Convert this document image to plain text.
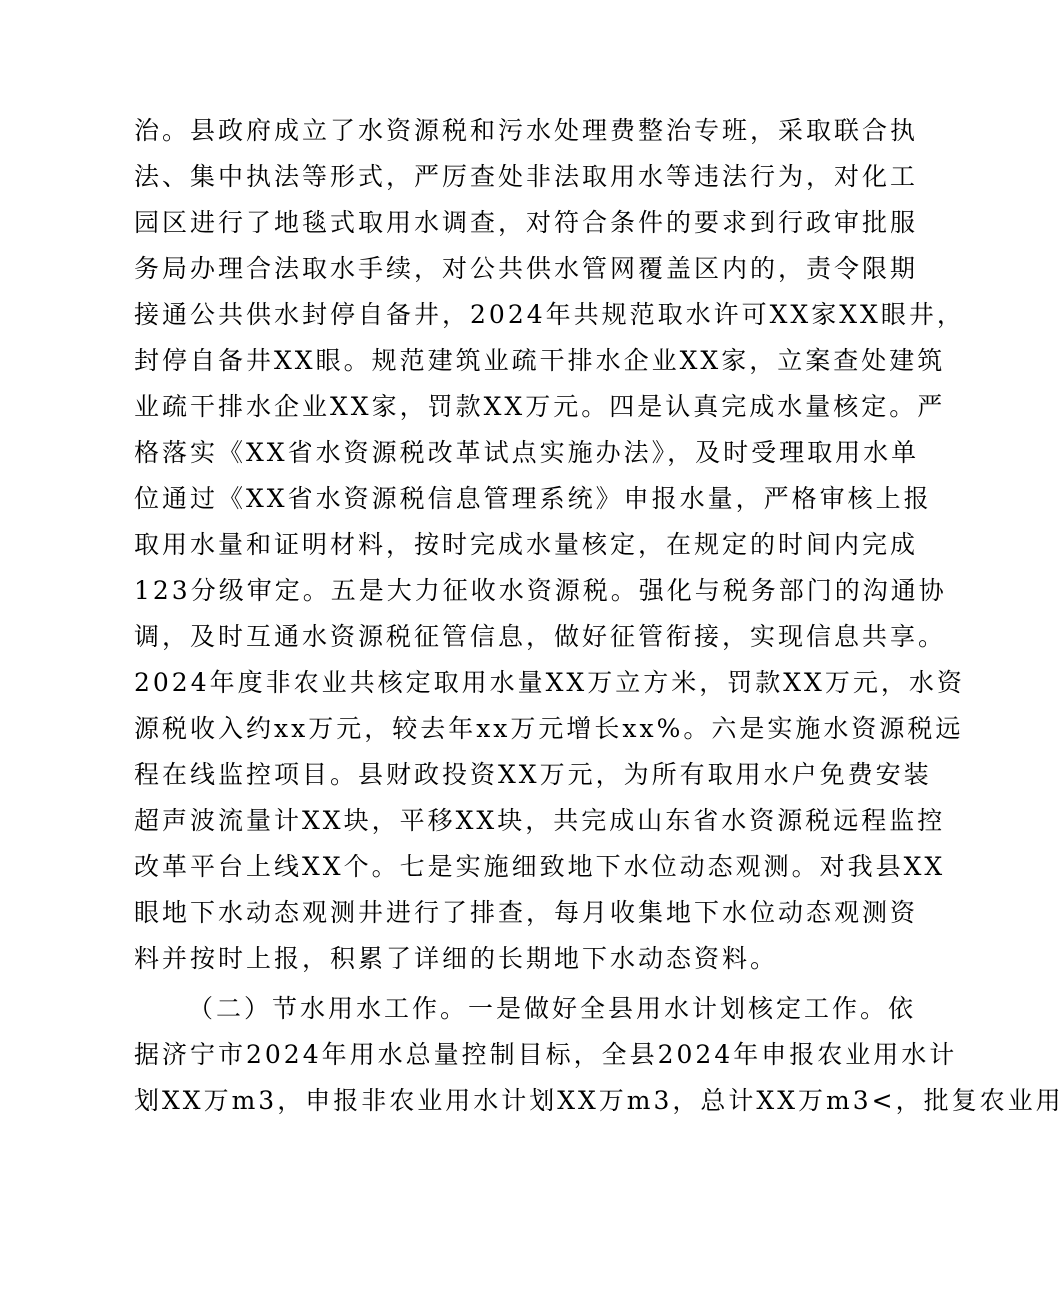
治。县政府成立了水资源税和污水处理费整治专班，采取联合执
法、集中执法等形式，严厉查处非法取用水等违法行为，对化工
园区进行了地毯式取用水调查，对符合条件的要求到行政审批服
务局办理合法取水手续，对公共供水管网覆盖区内的，责令限期
接通公共供水封停自备井，2024年共规范取水许可XX家XX眼井，
封停自备井XX眼。规范建筑业疏干排水企业XX家，立案查处建筑
业疏干排水企业XX家，罚款XX万元。四是认真完成水量核定。严
格落实《XX省水资源税改革试点实施办法》，及时受理取用水单
位通过《XX省水资源税信息管理系统》申报水量，严格审核上报
取用水量和证明材料，按时完成水量核定，在规定的时间内完成
123分级审定。五是大力征收水资源税。强化与税务部门的沟通协
调，及时互通水资源税征管信息，做好征管衔接，实现信息共享。
2024年度非农业共核定取用水量XX万立方米，罚款XX万元，水资
源税收入约xx万元，较去年xx万元增长xx%。六是实施水资源税远
程在线监控项目。县财政投资XX万元，为所有取用水户免费安装
超声波流量计XX块，平移XX块，共完成山东省水资源税远程监控
改革平台上线XX个。七是实施细致地下水位动态观测。对我县XX
眼地下水动态观测井进行了排查，每月收集地下水位动态观测资
料并按时上报，积累了详细的长期地下水动态资料。
（二）节水用水工作。一是做好全县用水计划核定工作。依
据济宁市2024年用水总量控制目标，全县2024年申报农业用水计
划XX万m3，申报非农业用水计划XX万m3，总计XX万m3<，批复农业用
